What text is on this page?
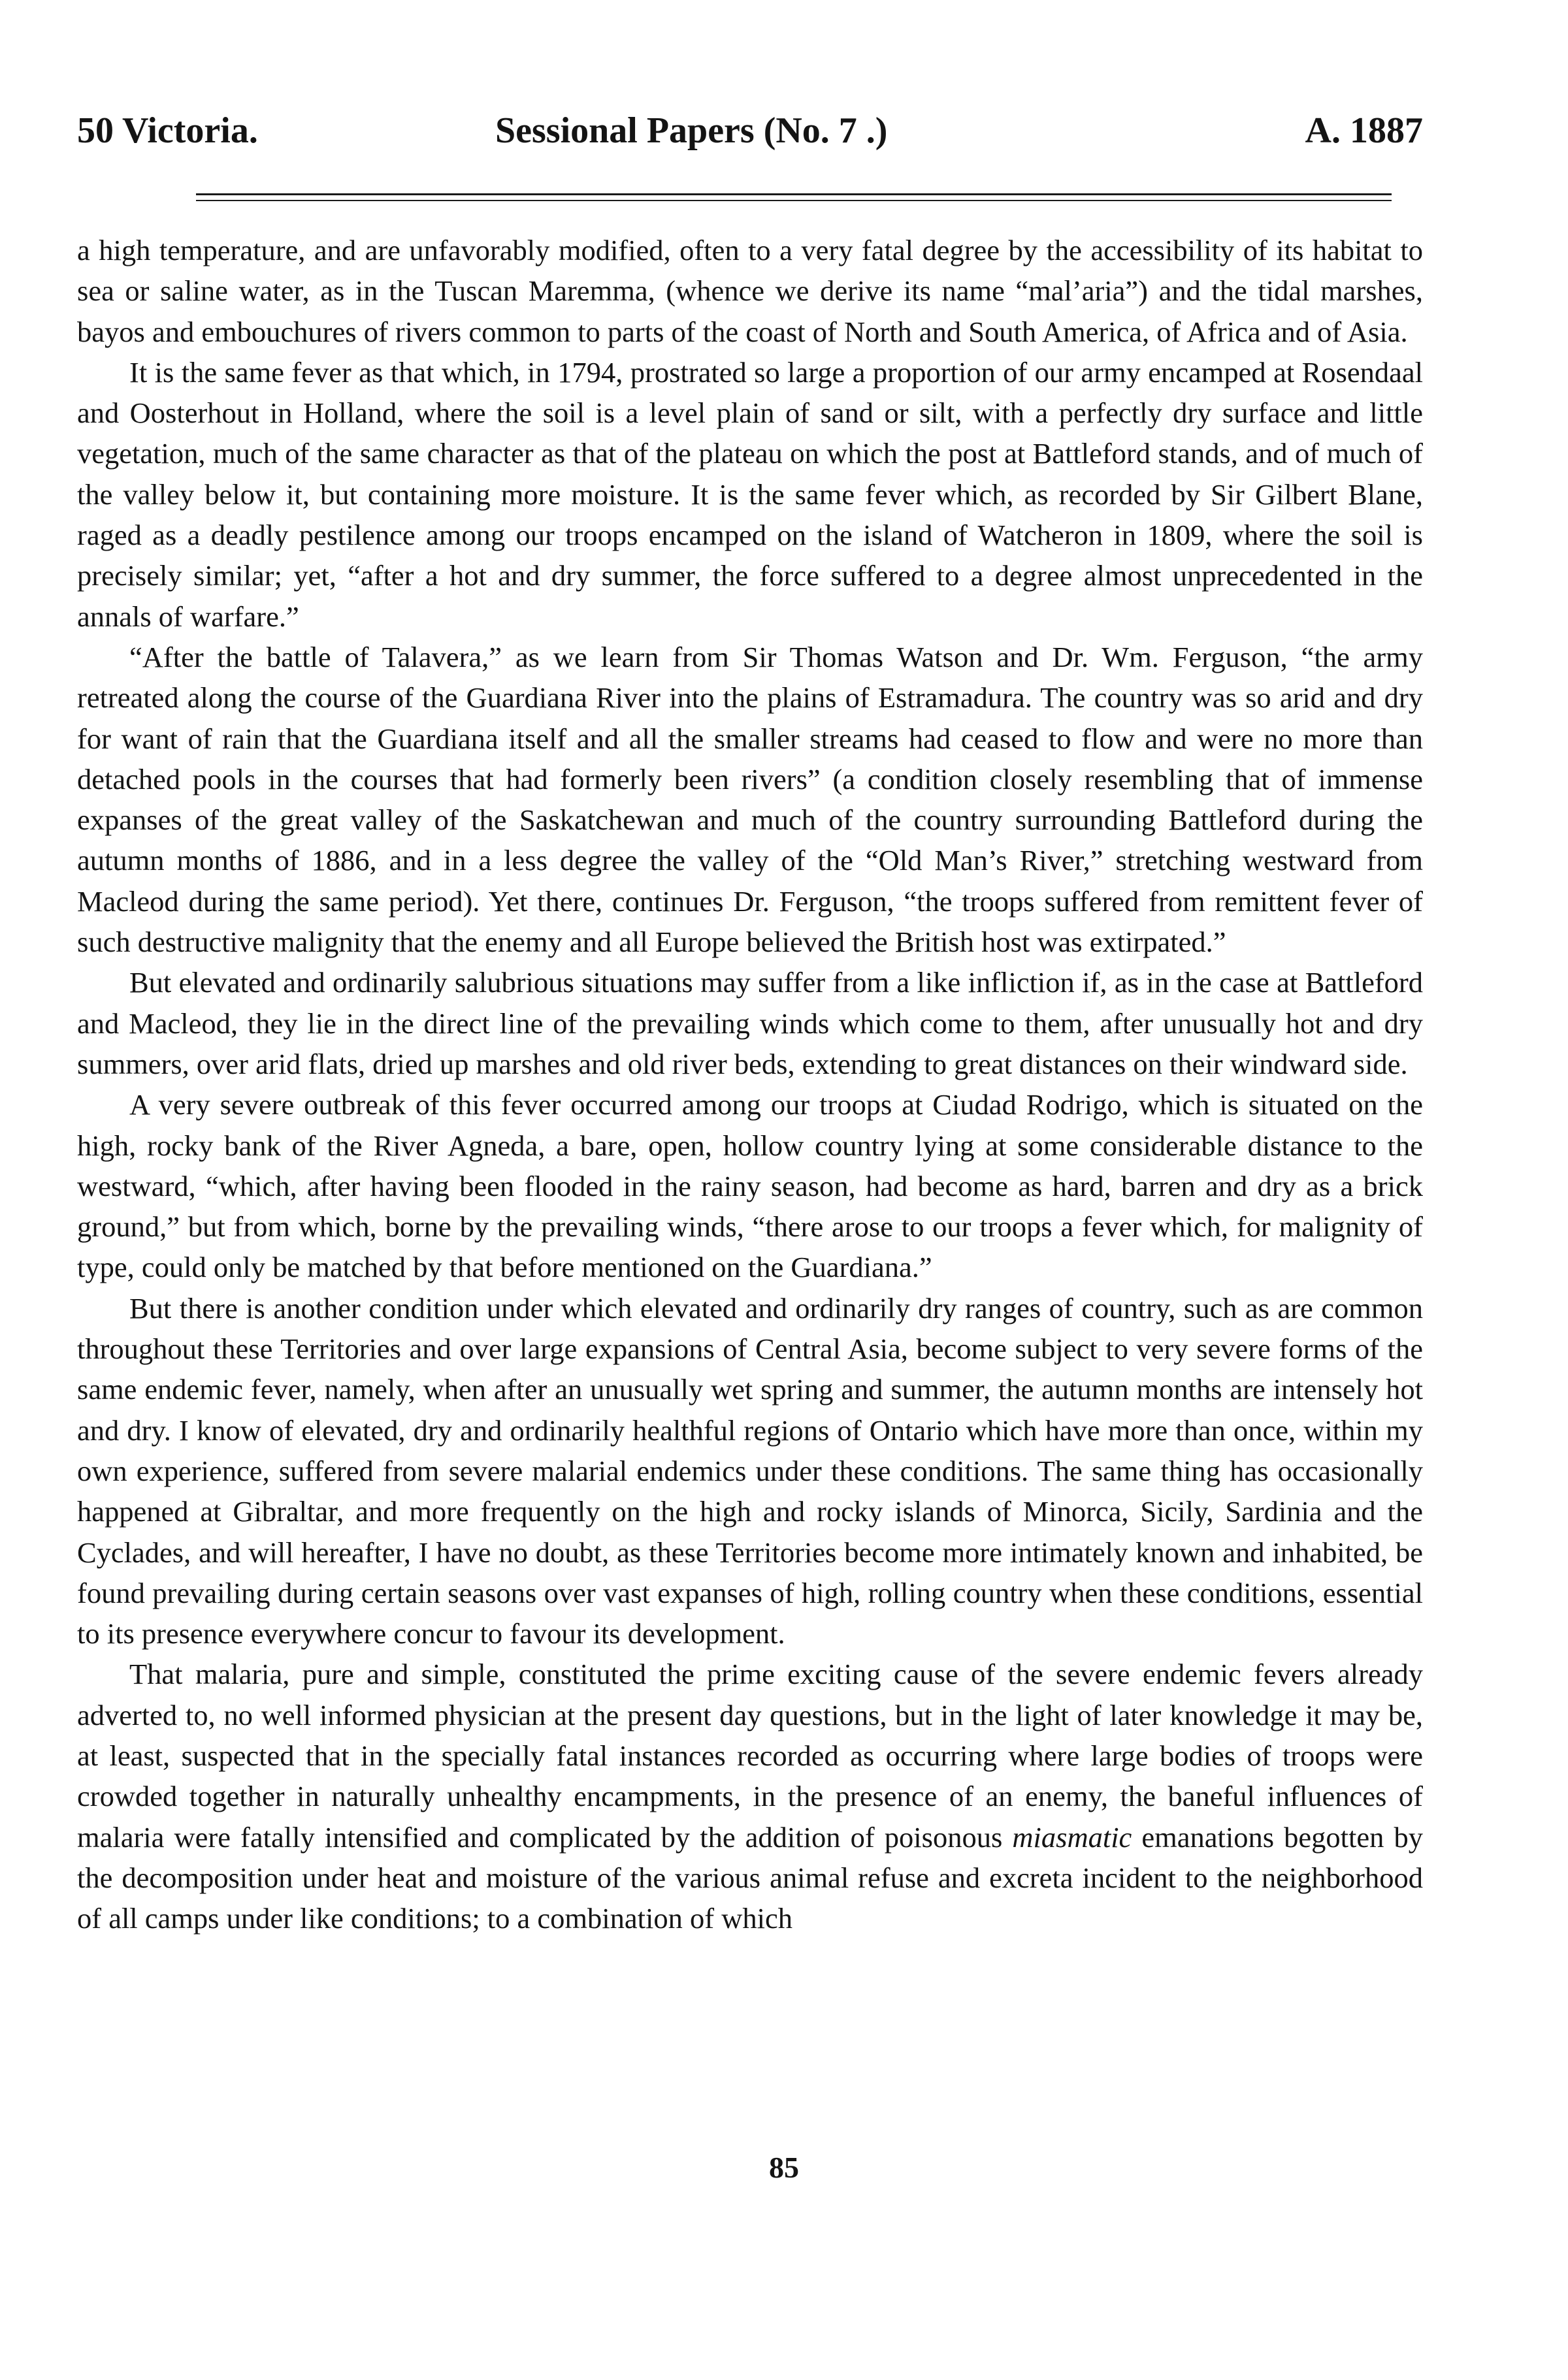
50 Victoria.	Sessional Papers (No. 7 .)	A. 1887

a high temperature, and are unfavorably modified, often to a very fatal degree by the accessibility of its habitat to sea or saline water, as in the Tuscan Maremma, (whence we derive its name “mal’aria”) and the tidal marshes, bayos and embouchures of rivers common to parts of the coast of North and South America, of Africa and of Asia.

It is the same fever as that which, in 1794, prostrated so large a proportion of our army encamped at Rosendaal and Oosterhout in Holland, where the soil is a level plain of sand or silt, with a perfectly dry surface and little vegetation, much of the same character as that of the plateau on which the post at Battleford stands, and of much of the valley below it, but containing more moisture. It is the same fever which, as recorded by Sir Gilbert Blane, raged as a deadly pestilence among our troops encamped on the island of Watcheron in 1809, where the soil is precisely similar; yet, “after a hot and dry summer, the force suffered to a degree almost unprecedented in the annals of warfare.”

“After the battle of Talavera,” as we learn from Sir Thomas Watson and Dr. Wm. Ferguson, “the army retreated along the course of the Guardiana River into the plains of Estramadura. The country was so arid and dry for want of rain that the Guardiana itself and all the smaller streams had ceased to flow and were no more than detached pools in the courses that had formerly been rivers” (a condition closely resembling that of immense expanses of the great valley of the Saskatchewan and much of the country surrounding Battleford during the autumn months of 1886, and in a less degree the valley of the “Old Man’s River,” stretching westward from Macleod during the same period). Yet there, continues Dr. Ferguson, “the troops suffered from remittent fever of such destructive malignity that the enemy and all Europe believed the British host was extirpated.”

But elevated and ordinarily salubrious situations may suffer from a like infliction if, as in the case at Battleford and Macleod, they lie in the direct line of the prevailing winds which come to them, after unusually hot and dry summers, over arid flats, dried up marshes and old river beds, extending to great distances on their windward side.

A very severe outbreak of this fever occurred among our troops at Ciudad Rodrigo, which is situated on the high, rocky bank of the River Agneda, a bare, open, hollow country lying at some considerable distance to the westward, “which, after having been flooded in the rainy season, had become as hard, barren and dry as a brick ground,” but from which, borne by the prevailing winds, “there arose to our troops a fever which, for malignity of type, could only be matched by that before mentioned on the Guardiana.”

But there is another condition under which elevated and ordinarily dry ranges of country, such as are common throughout these Territories and over large expansions of Central Asia, become subject to very severe forms of the same endemic fever, namely, when after an unusually wet spring and summer, the autumn months are intensely hot and dry. I know of elevated, dry and ordinarily healthful regions of Ontario which have more than once, within my own experience, suffered from severe malarial endemics under these conditions. The same thing has occasionally happened at Gibraltar, and more frequently on the high and rocky islands of Minorca, Sicily, Sardinia and the Cyclades, and will hereafter, I have no doubt, as these Territories become more intimately known and inhabited, be found prevailing during certain seasons over vast expanses of high, rolling country when these conditions, essential to its presence everywhere concur to favour its development.

That malaria, pure and simple, constituted the prime exciting cause of the severe endemic fevers already adverted to, no well informed physician at the present day questions, but in the light of later knowledge it may be, at least, suspected that in the specially fatal instances recorded as occurring where large bodies of troops were crowded together in naturally unhealthy encampments, in the presence of an enemy, the baneful influences of malaria were fatally intensified and complicated by the addition of poisonous miasmatic emanations begotten by the decomposition under heat and moisture of the various animal refuse and excreta incident to the neighborhood of all camps under like conditions; to a combination of which

85
